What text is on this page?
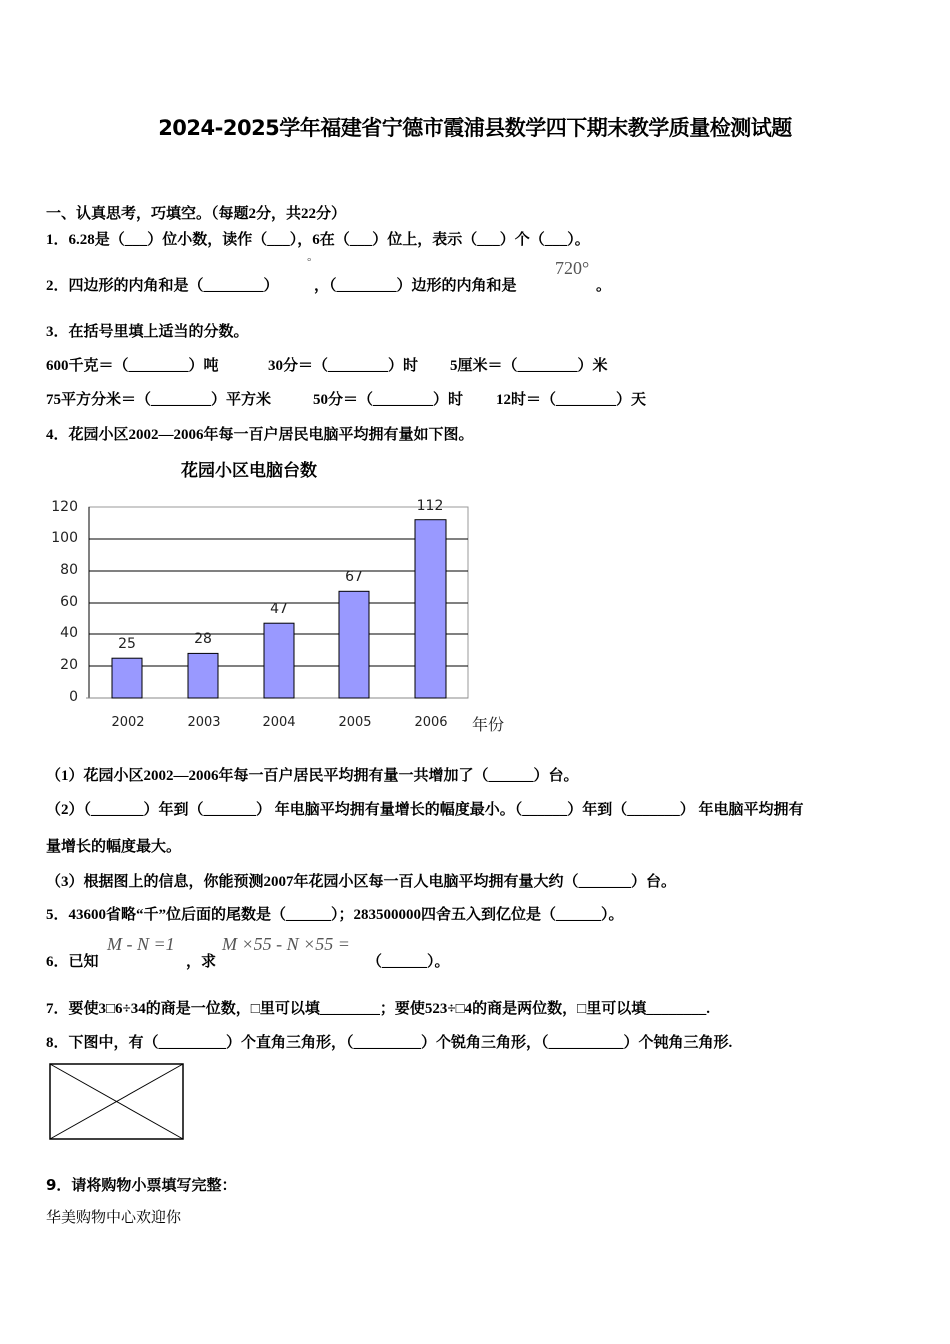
2024-2025学年福建省宁德市霞浦县数学四下期末教学质量检测试题
一、认真思考，巧填空。（每题2分，共22分）
1．6.28是（___）位小数，读作（___），6在（___）位上，表示（___）个（___）。
2．四边形的内角和是（________）
°
，（________）边形的内角和是
720°
。
3．在括号里填上适当的分数。
600千克＝（________）吨	30分＝（________）时 5厘米＝（________）米
75平方分米＝（________）平方米	50分＝（________）时 12时＝（________）天
4．花园小区2002—2006年每一百户居民电脑平均拥有量如下图。
花园小区电脑台数
120
100
80
60
40
20
0
25	28
47
67
112
2002	2003	2004	2005	2006 年份
（1）花园小区2002—2006年每一百户居民平均拥有量一共增加了（______）台。
（2）（_______）年到（_______） 年电脑平均拥有量增长的幅度最小。（______）年到（_______） 年电脑平均拥有
量增长的幅度最大。
（3）根据图上的信息，你能预测2007年花园小区每一百人电脑平均拥有量大约（_______）台。
5．43600省略“千”位后面的尾数是（______）；283500000四舍五入到亿位是（______）。
6．已知
M - N =1
，求
M ×55 - N ×55 =
（______）。
7．要使3□6÷34的商是一位数，□里可以填________；要使523÷□4的商是两位数，□里可以填________.
8．下图中，有（_________）个直角三角形，（_________）个锐角三角形，（__________）个钝角三角形.
9．请将购物小票填写完整：
华美购物中心欢迎你
